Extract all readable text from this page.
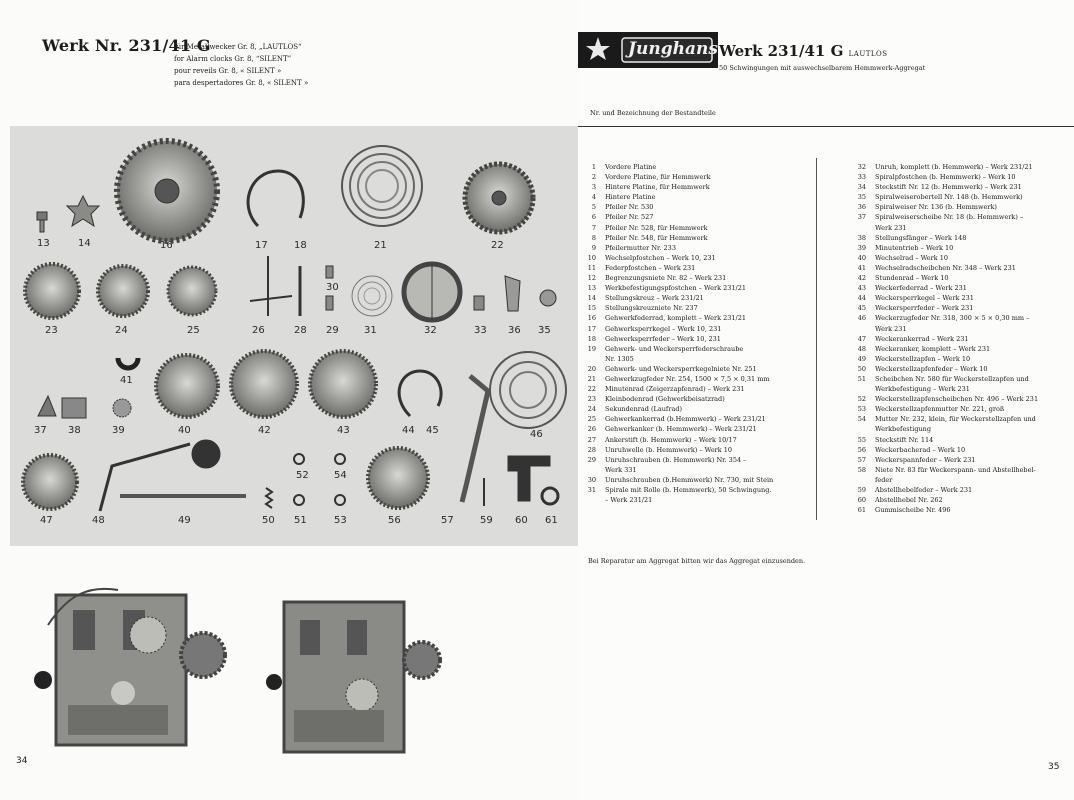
Werk Nr. 231/41 G
für Metallwecker Gr. 8, „LAUTLOS“
for Alarm clocks Gr. 8, “SILENT”
pour reveils Gr. 8, « SILENT »
para despertadores Gr. 8, « SILENT »
13	14	16	17	18	21	22
23	24	25	26	28 29
30
31	32	33 36 35
41
37 38	39	40	42	43	44 45	46
47	48	49	50 51
52
53
54
56	57	59 60 61
34
Junghans Werk 231/41 G LAUTLOS
50 Schwingungen mit auswechselbarem Hemmwerk-Aggregat
Nr. und Bezeichnung der Bestandteile
1 Vordere Platine
2 Vordere Platine, für Hemmwerk
3 Hintere Platine, für Hemmwerk
4 Hintere Platine
5 Pfeiler Nr. 530
6 Pfeiler Nr. 527
7 Pfeiler Nr. 528, für Hemmwerk
8 Pfeiler Nr. 548, für Hemmwerk
9 Pfeilermutter Nr. 233
10 Wechselpfostchen – Werk 10, 231
11 Federpfostchen – Werk 231
12 Begrenzungsniete Nr. 82 – Werk 231
13 Werkbefestigungspfostchen – Werk 231/21
14 Stellungskreuz – Werk 231/21
15 Stellungskreuzniete Nr. 237
16 Gehwerkfederrad, komplett – Werk 231/21
17 Gehwerksperrkegel – Werk 10, 231
18 Gehwerksperrfeder – Werk 10, 231
19 Gehwerk- und Weckersperrfederschraube
Nr. 1305
20 Gehwerk- und Weckersperrkegelniete Nr. 251
21 Gehwerkzugfeder Nr. 254, 1500 × 7,5 × 0,31 mm
22 Minutenrad (Zeigerzapfenrad) – Werk 231
23 Kleinbodenrad (Gehwerkbeisatzrad)
24 Sekundenrad (Laufrad)
25 Gehwerkankerrad (b.Hemmwerk) – Werk 231/21
26 Gehwerkanker (b. Hemmwerk) – Werk 231/21
27 Ankerstift (b. Hemmwerk) – Werk 10/17
28 Unruhwelle (b. Hemmwerk) – Werk 10
29 Unruhschrauben (b. Hemmwerk) Nr. 354 –
Werk 331
30 Unruhschrauben (b.Hemmwerk) Nr. 730, mit Stein
31 Spirale mit Rolle (b. Hemmwerk), 50 Schwingung.
– Werk 231/21
32 Unruh, komplett (b. Hemmwerk) – Werk 231/21
33 Spiralpfostchen (b. Hemmwerk) – Werk 10
34 Steckstift Nr. 12 (b. Hemmwerk) – Werk 231
35 Spiralweiserobertell Nr. 148 (b. Hemmwerk)
36 Spiralweiser Nr. 136 (b. Hemmwerk)
37 Spiralweiserscheibe Nr. 18 (b. Hemmwerk) –
Werk 231
38 Stellungsfänger – Werk 148
39 Minutentrieb – Werk 10
40 Wechselrad – Werk 10
41 Wechselradscheibchen Nr. 348 – Werk 231
42 Stundenrad – Werk 10
43 Weckerfederrad – Werk 231
44 Weckersperrkegel – Werk 231
45 Weckersperrfeder – Werk 231
46 Weckerzugfeder Nr. 318, 300 × 5 × 0,30 mm –
Werk 231
47 Weckerankerrad – Werk 231
48 Weckeranker, komplett – Werk 231
49 Weckerstellzapfen – Werk 10
50 Weckerstellzapfenfeder – Werk 10
51 Scheibchen Nr. 580 für Weckerstellzapfen und
Werkbefestigung – Werk 231
52 Weckerstellzapfenscheibchen Nr. 496 – Werk 231
53 Weckerstellzapfenmutter Nr. 221, groß
54 Mutter Nr. 232, klein, für Weckerstellzapfen und
Werkbefestigung
55 Steckstift Nr. 114
56 Weckerbacherad – Werk 10
57 Weckerspannfeder – Werk 231
58 Niete Nr. 83 für Weckerspann- und Abstellhebel-
feder
59 Abstellhebelfeder – Werk 231
60 Abstellhebel Nr. 262
61 Gummischeibe Nr. 496
Bei Reparatur am Aggregat bitten wir das Aggregat einzusenden.
35
